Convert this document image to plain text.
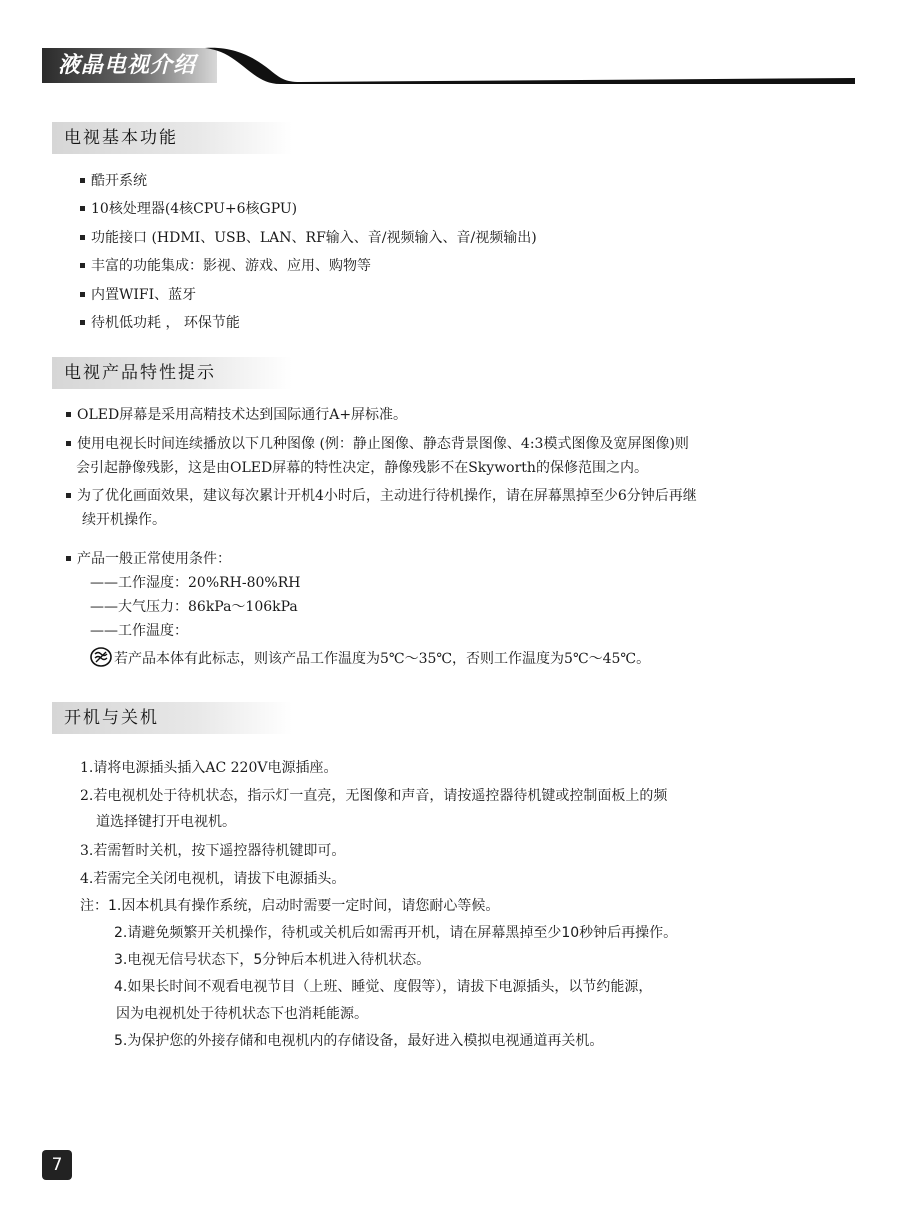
液晶电视介绍
电视基本功能
酷开系统
10核处理器(4核CPU+6核GPU)
功能接口 (HDMI、USB、LAN、RF输入、音/视频输入、音/视频输出)
丰富的功能集成：影视、游戏、应用、购物等
内置WIFI、蓝牙
待机低功耗 ， 环保节能
电视产品特性提示
OLED屏幕是采用高精技术达到国际通行A+屏标准。
使用电视长时间连续播放以下几种图像 (例：静止图像、静态背景图像、4:3模式图像及宽屏图像)则
会引起静像残影，这是由OLED屏幕的特性决定，静像残影不在Skyworth的保修范围之内。
为了优化画面效果，建议每次累计开机4小时后，主动进行待机操作，请在屏幕黑掉至少6分钟后再继
续开机操作。
产品一般正常使用条件：
——工作湿度：20%RH-80%RH
——大气压力：86kPa～106kPa
——工作温度：
若产品本体有此标志，则该产品工作温度为5℃～35℃，否则工作温度为5℃～45℃。
开机与关机
1.请将电源插头插入AC 220V电源插座。
2.若电视机处于待机状态，指示灯一直亮，无图像和声音，请按遥控器待机键或控制面板上的频
道选择键打开电视机。
3.若需暂时关机，按下遥控器待机键即可。
4.若需完全关闭电视机，请拔下电源插头。
注：1.因本机具有操作系统，启动时需要一定时间，请您耐心等候。
2.请避免频繁开关机操作，待机或关机后如需再开机，请在屏幕黑掉至少10秒钟后再操作。
3.电视无信号状态下，5分钟后本机进入待机状态。
4.如果长时间不观看电视节目（上班、睡觉、度假等），请拔下电源插头，以节约能源，
因为电视机处于待机状态下也消耗能源。
5.为保护您的外接存储和电视机内的存储设备，最好进入模拟电视通道再关机。
7
